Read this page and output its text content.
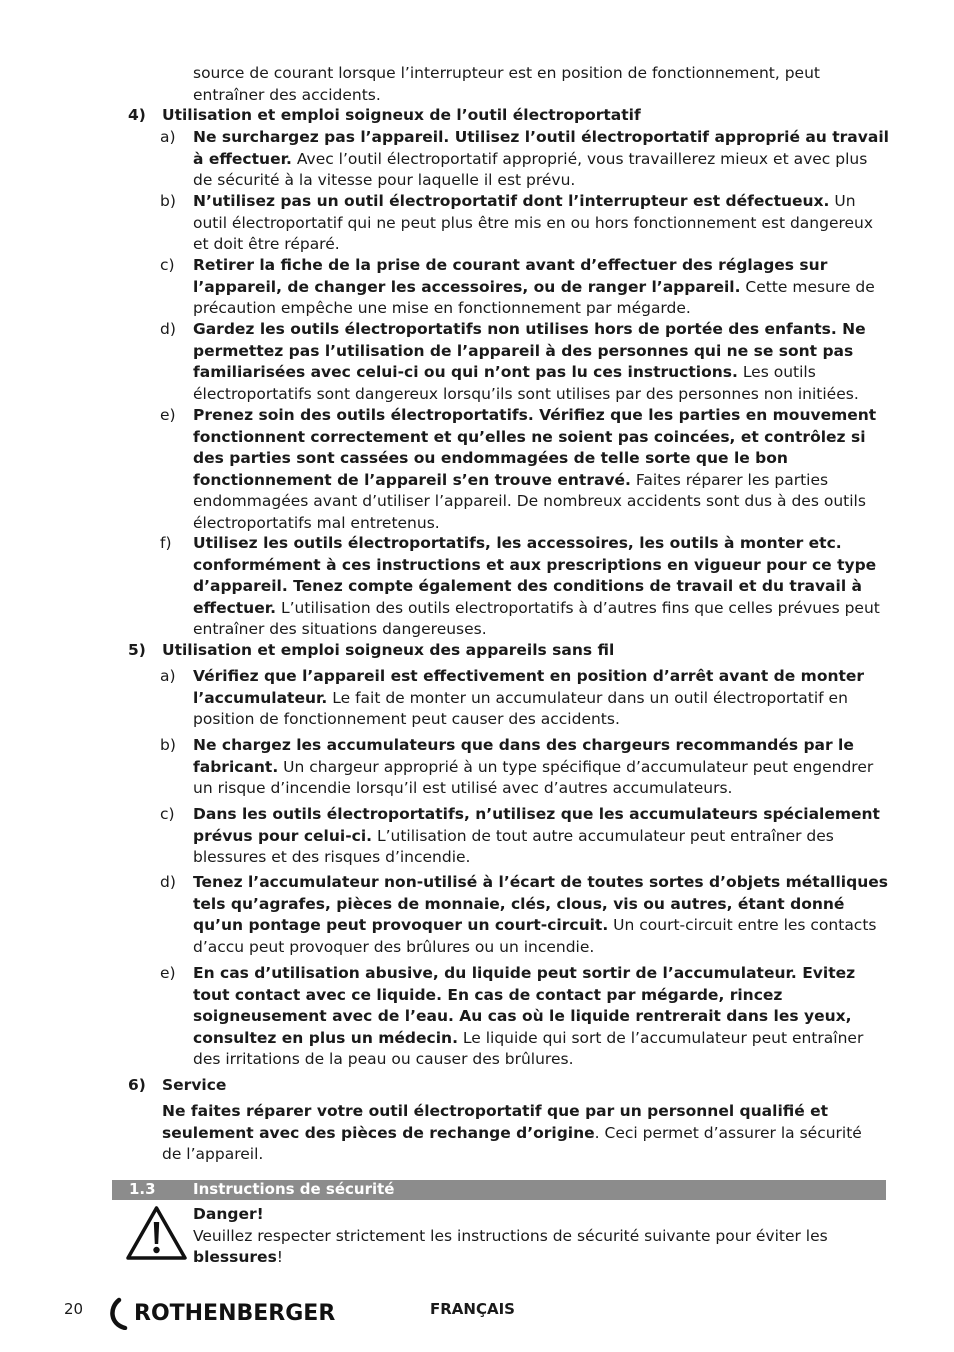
source de courant lorsque l’interrupteur est en position de fonctionnement, peut entraîner des accidents.
4) Utilisation et emploi soigneux de l’outil électroportatif
a)	Ne surchargez pas l’appareil. Utilisez l’outil électroportatif approprié au travail à effectuer. Avec l’outil électroportatif approprié, vous travaillerez mieux et avec plus de sécurité à la vitesse pour laquelle il est prévu.
b)	N’utilisez pas un outil électroportatif dont l’interrupteur est défectueux. Un outil électroportatif qui ne peut plus être mis en ou hors fonctionnement est dangereux et doit être réparé.
c)	Retirer la fiche de la prise de courant avant d’effectuer des réglages sur l’appareil, de changer les accessoires, ou de ranger l’appareil. Cette mesure de précaution empêche une mise en fonctionnement par mégarde.
d)	Gardez les outils électroportatifs non utilises hors de portée des enfants. Ne permettez pas l’utilisation de l’appareil à des personnes qui ne se sont pas familiarisées avec celui-ci ou qui n’ont pas lu ces instructions. Les outils électroportatifs sont dangereux lorsqu’ils sont utilises par des personnes non initiées.
e)	Prenez soin des outils électroportatifs. Vérifiez que les parties en mouvement fonctionnent correctement et qu’elles ne soient pas coincées, et contrôlez si des parties sont cassées ou endommagées de telle sorte que le bon fonctionnement de l’appareil s’en trouve entravé. Faites réparer les parties endommagées avant d’utiliser l’appareil. De nombreux accidents sont dus à des outils électroportatifs mal entretenus.
f)	Utilisez les outils électroportatifs, les accessoires, les outils à monter etc. conformément à ces instructions et aux prescriptions en vigueur pour ce type d’appareil. Tenez compte également des conditions de travail et du travail à effectuer. L’utilisation des outils electroportatifs à d’autres fins que celles prévues peut entraîner des situations dangereuses.
5) Utilisation et emploi soigneux des appareils sans fil
a)	Vérifiez que l’appareil est effectivement en position d’arrêt avant de monter l’accumulateur. Le fait de monter un accumulateur dans un outil électroportatif en position de fonctionnement peut causer des accidents.
b)	Ne chargez les accumulateurs que dans des chargeurs recommandés par le fabricant. Un chargeur approprié à un type spécifique d’accumulateur peut engendrer un risque d’incendie lorsqu’il est utilisé avec d’autres accumulateurs.
c)	Dans les outils électroportatifs, n’utilisez que les accumulateurs spécialement prévus pour celui-ci. L’utilisation de tout autre accumulateur peut entraîner des blessures et des risques d’incendie.
d)	Tenez l’accumulateur non-utilisé à l’écart de toutes sortes d’objets métalliques tels qu’agrafes, pièces de monnaie, clés, clous, vis ou autres, étant donné qu’un pontage peut provoquer un court-circuit. Un court-circuit entre les contacts d’accu peut provoquer des brûlures ou un incendie.
e)	En cas d’utilisation abusive, du liquide peut sortir de l’accumulateur. Evitez tout contact avec ce liquide. En cas de contact par mégarde, rincez soigneusement avec de l’eau. Au cas où le liquide rentrerait dans les yeux, consultez en plus un médecin. Le liquide qui sort de l’accumulateur peut entraîner des irritations de la peau ou causer des brûlures.
6) Service
Ne faites réparer votre outil électroportatif que par un personnel qualifié et seulement avec des pièces de rechange d’origine. Ceci permet d’assurer la sécurité de l’appareil.
1.3 Instructions de sécurité
Danger!
Veuillez respecter strictement les instructions de sécurité suivante pour éviter les blessures!
20 ROTHENBERGER	FRANÇAIS
